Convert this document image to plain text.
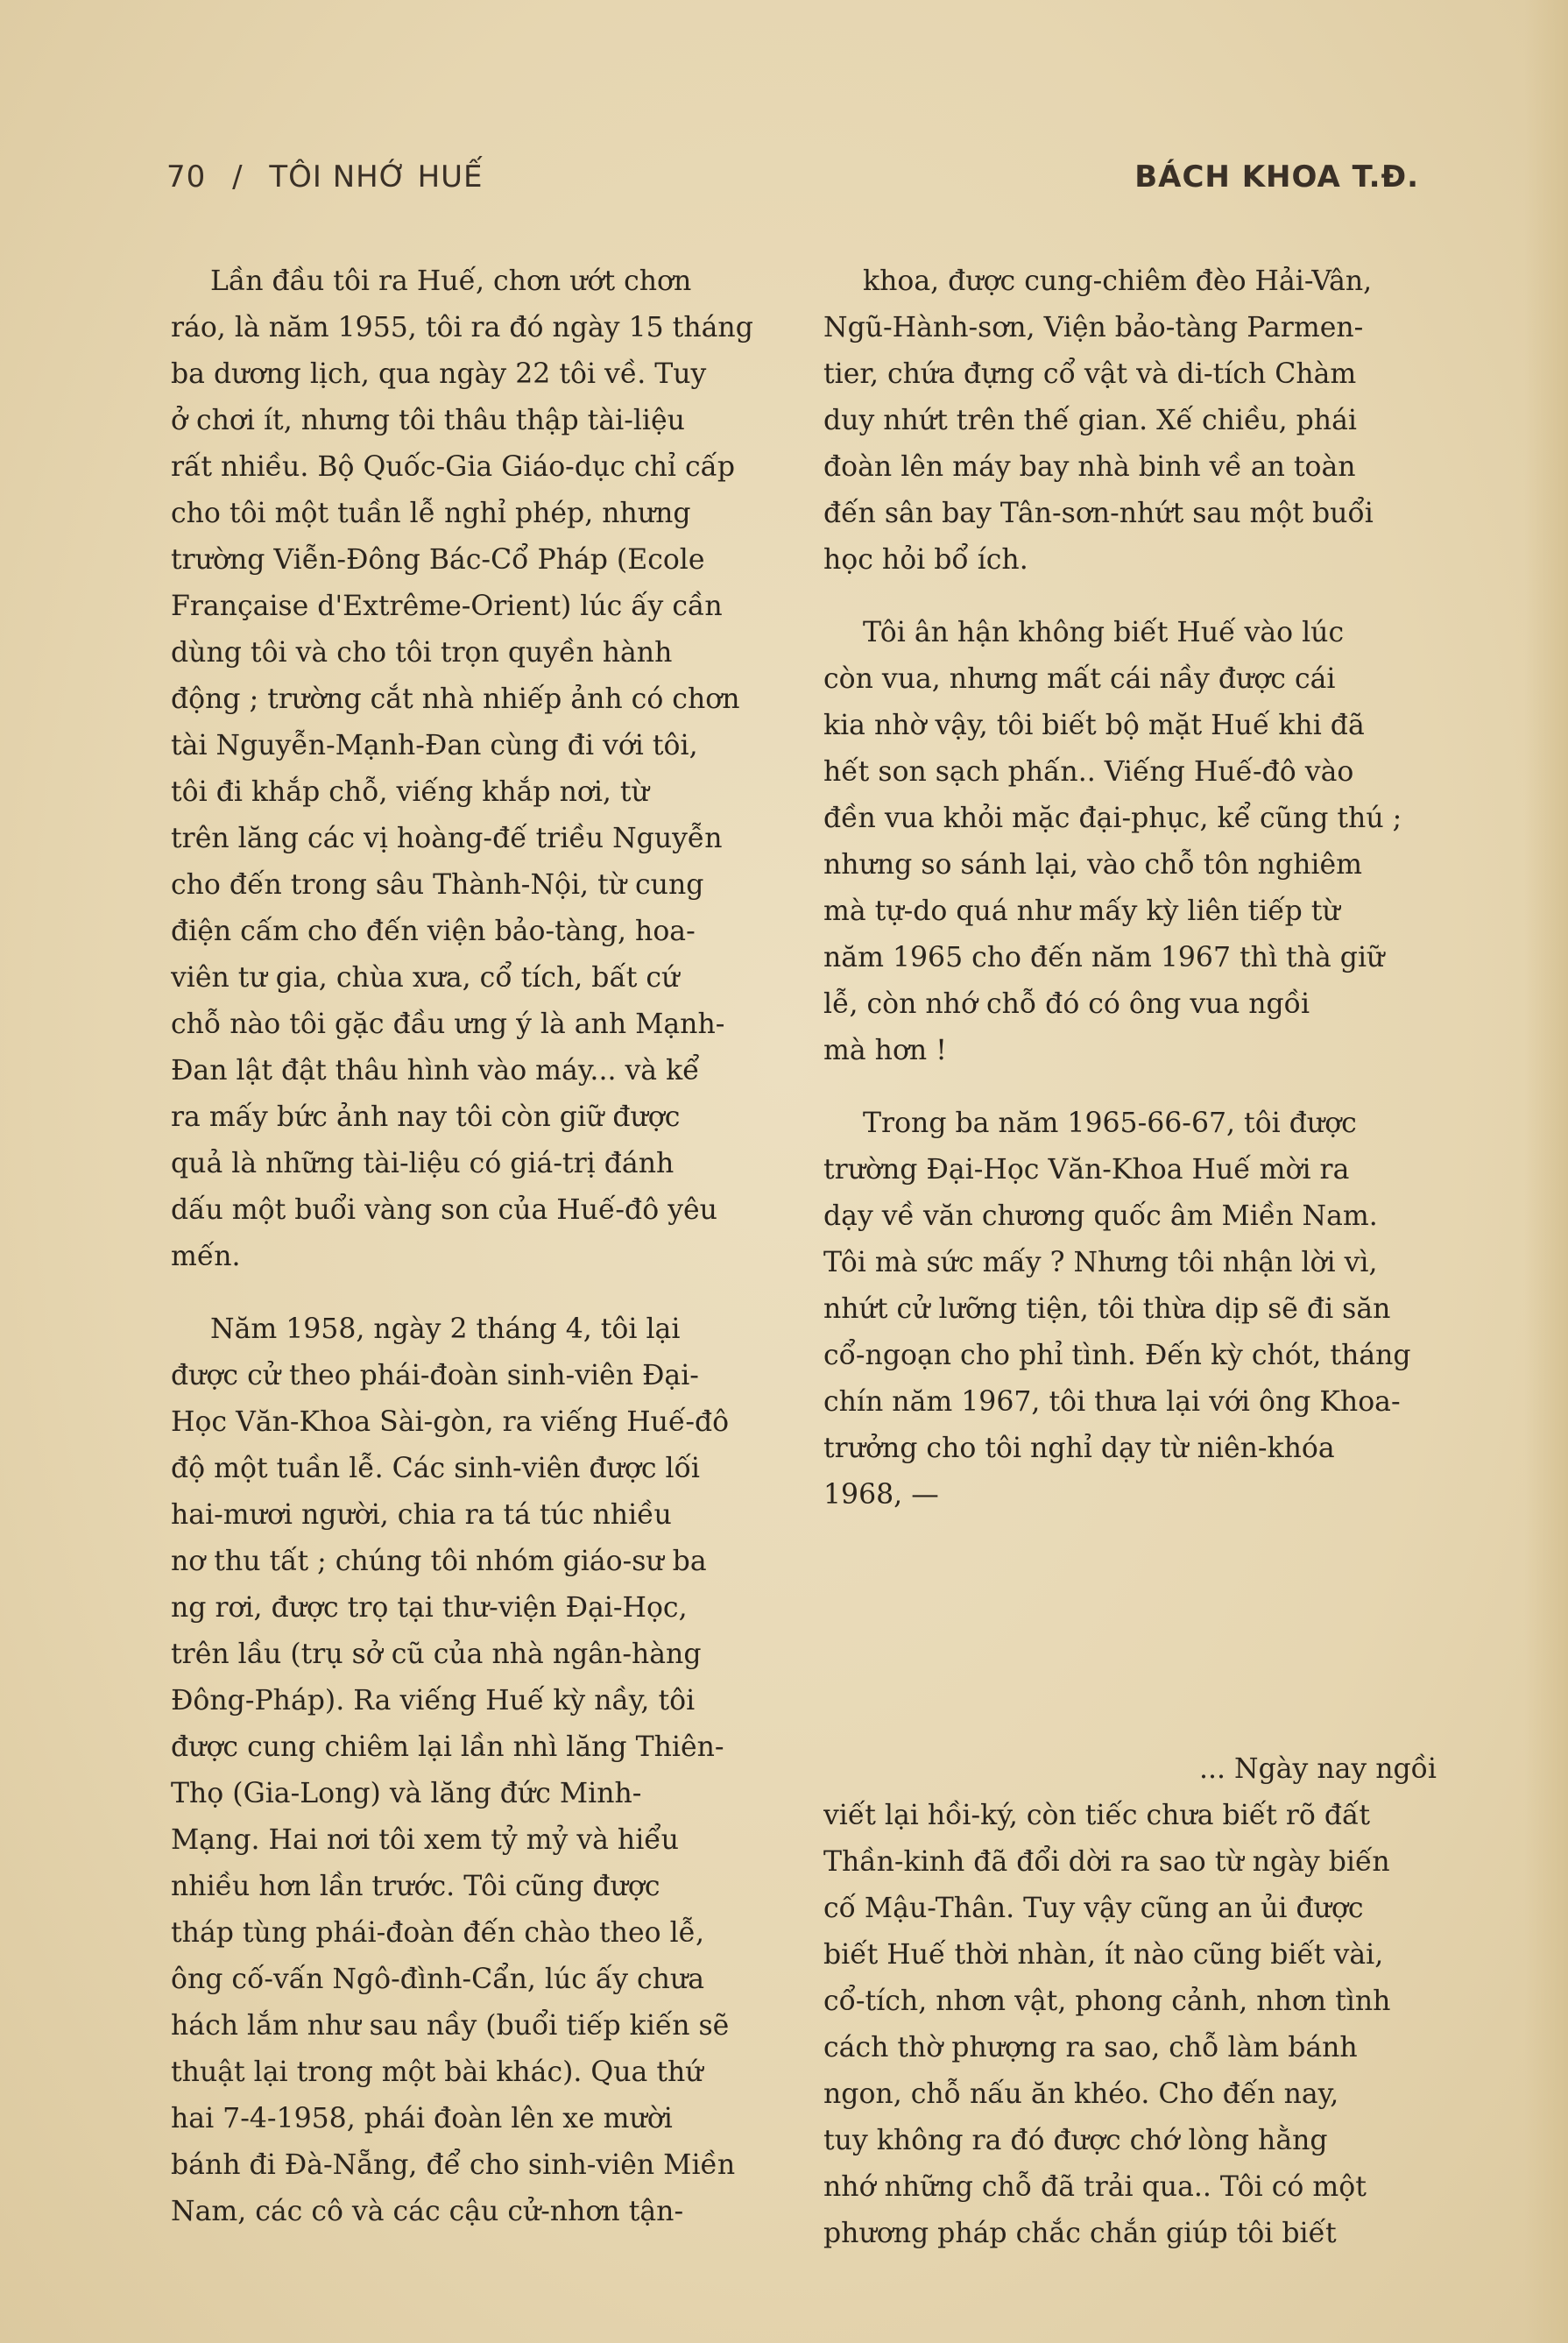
70 / TÔI NHỚ HUẾ	BÁCH KHOA T.Đ.
Lần đầu tôi ra Huế, chơn ướt chơn
ráo, là năm 1955, tôi ra đó ngày 15 tháng
ba dương lịch, qua ngày 22 tôi về. Tuy
ở chơi ít, nhưng tôi thâu thập tài-liệu
rất nhiều. Bộ Quốc-Gia Giáo-dục chỉ cấp
cho tôi một tuần lễ nghỉ phép, nhưng
trường Viễn-Đông Bác-Cổ Pháp (Ecole
Française d'Extrême-Orient) lúc ấy cần
dùng tôi và cho tôi trọn quyền hành
động ; trường cắt nhà nhiếp ảnh có chơn
tài Nguyễn-Mạnh-Đan cùng đi với tôi,
tôi đi khắp chỗ, viếng khắp nơi, từ
trên lăng các vị hoàng-đế triều Nguyễn
cho đến trong sâu Thành-Nội, từ cung
điện cấm cho đến viện bảo-tàng, hoa-
viên tư gia, chùa xưa, cổ tích, bất cứ
chỗ nào tôi gặc đầu ưng ý là anh Mạnh-
Đan lật đật thâu hình vào máy... và kể
ra mấy bức ảnh nay tôi còn giữ được
quả là những tài-liệu có giá-trị đánh
dấu một buổi vàng son của Huế-đô yêu
mến.
Năm 1958, ngày 2 tháng 4, tôi lại
được cử theo phái-đoàn sinh-viên Đại-
Học Văn-Khoa Sài-gòn, ra viếng Huế-đô
độ một tuần lễ. Các sinh-viên được lối
hai-mươi người, chia ra tá túc nhiều
nơ thu tất ; chúng tôi nhóm giáo-sư ba
ng rơi, được trọ tại thư-viện Đại-Học,
trên lầu (trụ sở cũ của nhà ngân-hàng
Đông-Pháp). Ra viếng Huế kỳ nầy, tôi
được cung chiêm lại lần nhì lăng Thiên-
Thọ (Gia-Long) và lăng đức Minh-
Mạng. Hai nơi tôi xem tỷ mỷ và hiểu
nhiều hơn lần trước. Tôi cũng được
tháp tùng phái-đoàn đến chào theo lễ,
ông cố-vấn Ngô-đình-Cẩn, lúc ấy chưa
hách lắm như sau nầy (buổi tiếp kiến sẽ
thuật lại trong một bài khác). Qua thứ
hai 7-4-1958, phái đoàn lên xe mười
bánh đi Đà-Nẵng, để cho sinh-viên Miền
Nam, các cô và các cậu cử-nhơn tận-
khoa, được cung-chiêm đèo Hải-Vân,
Ngũ-Hành-sơn, Viện bảo-tàng Parmen-
tier, chứa đựng cổ vật và di-tích Chàm
duy nhứt trên thế gian. Xế chiều, phái
đoàn lên máy bay nhà binh về an toàn
đến sân bay Tân-sơn-nhứt sau một buổi
học hỏi bổ ích.
Tôi ân hận không biết Huế vào lúc
còn vua, nhưng mất cái nầy được cái
kia nhờ vậy, tôi biết bộ mặt Huế khi đã
hết son sạch phấn.. Viếng Huế-đô vào
đền vua khỏi mặc đại-phục, kể cũng thú ;
nhưng so sánh lại, vào chỗ tôn nghiêm
mà tự-do quá như mấy kỳ liên tiếp từ
năm 1965 cho đến năm 1967 thì thà giữ
lễ, còn nhớ chỗ đó có ông vua ngồi
mà hơn !
Trong ba năm 1965-66-67, tôi được
trường Đại-Học Văn-Khoa Huế mời ra
dạy về văn chương quốc âm Miền Nam.
Tôi mà sức mấy ? Nhưng tôi nhận lời vì,
nhứt cử lưỡng tiện, tôi thừa dịp sẽ đi săn
cổ-ngoạn cho phỉ tình. Đến kỳ chót, tháng
chín năm 1967, tôi thưa lại với ông Khoa-
trưởng cho tôi nghỉ dạy từ niên-khóa
1968, —
... Ngày nay ngồi
viết lại hồi-ký, còn tiếc chưa biết rõ đất
Thần-kinh đã đổi dời ra sao từ ngày biến
cố Mậu-Thân. Tuy vậy cũng an ủi được
biết Huế thời nhàn, ít nào cũng biết vài,
cổ-tích, nhơn vật, phong cảnh, nhơn tình
cách thờ phượng ra sao, chỗ làm bánh
ngon, chỗ nấu ăn khéo. Cho đến nay,
tuy không ra đó được chớ lòng hằng
nhớ những chỗ đã trải qua.. Tôi có một
phương pháp chắc chắn giúp tôi biết
